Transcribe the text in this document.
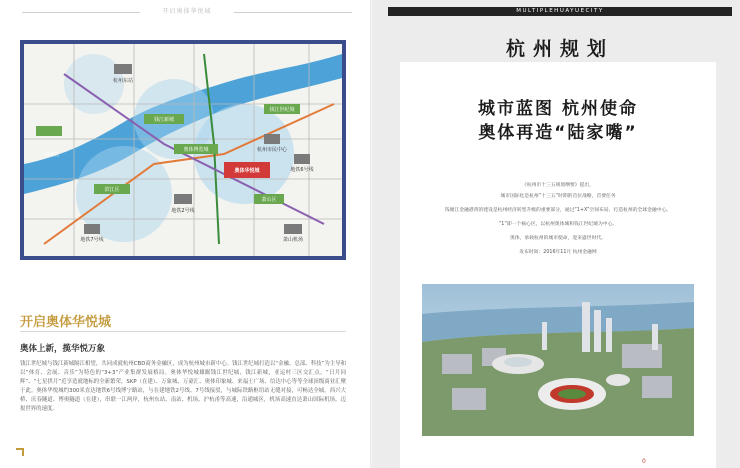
开启奥体华悦城
钱塘江
钱江新城
奥体博览城
钱江世纪城
滨江区
萧山区
奥体华悦城
杭州东站
杭州市民中心
地铁2号线
地铁6号线
地铁7号线	萧山机场
开启奥体华悦城
奥体上新，揽华悦万象
钱江世纪城与钱江新城隔江相望，共同成就杭州CBD商务金融区，成为杭州城市新中心。钱江世纪城打造以“金融、总部、科技”为主导和以“体育、会展、音乐”为特色的“3+3”产业集群发展格局。奥体华悦城雄踞钱江世纪城，钱江新城，亚运村三区交汇点，“日月同辉”、“七星拱月”近享造就地标的全新繁荣，SKP（在建）、万象城、万豪汇、奥体印象城、来福士广场、信达中心等等全球顶级商业汇聚于此。奥体华悦城约300米直达地铁6号线博宁路站，与在建地铁2号线、7号线接驳，与城际铁路枢纽站无缝对接，可畅达全城。西兴大桥、庆春隧道、博奥隧道（在建），串联一江两岸，杭州东站、南站、机场、沪杭甬等高速，沿通城区，机场高速直达萧山国际机场，迈报世界的速度。
MULTIPLEHUAYUECITY
杭州规划
城市蓝图 杭州使命
奥体再造“陆家嘴”

《杭州市十三五规划纲要》提出，

城市国际化是杭州“十三五”时期的首位战略，首要任务

钱塘江金融港湾的建设是杭州经济转型升级的重要部分，通过“1+X”空间布局，打造杭州的全球金融中心。

“1”即一个核心区，以杭州奥体城和钱江世纪城为中心。

奥体，承载杭州的城市使命，迎来盛世时代。

发布时间：2016年11月 杭州金融网

0
